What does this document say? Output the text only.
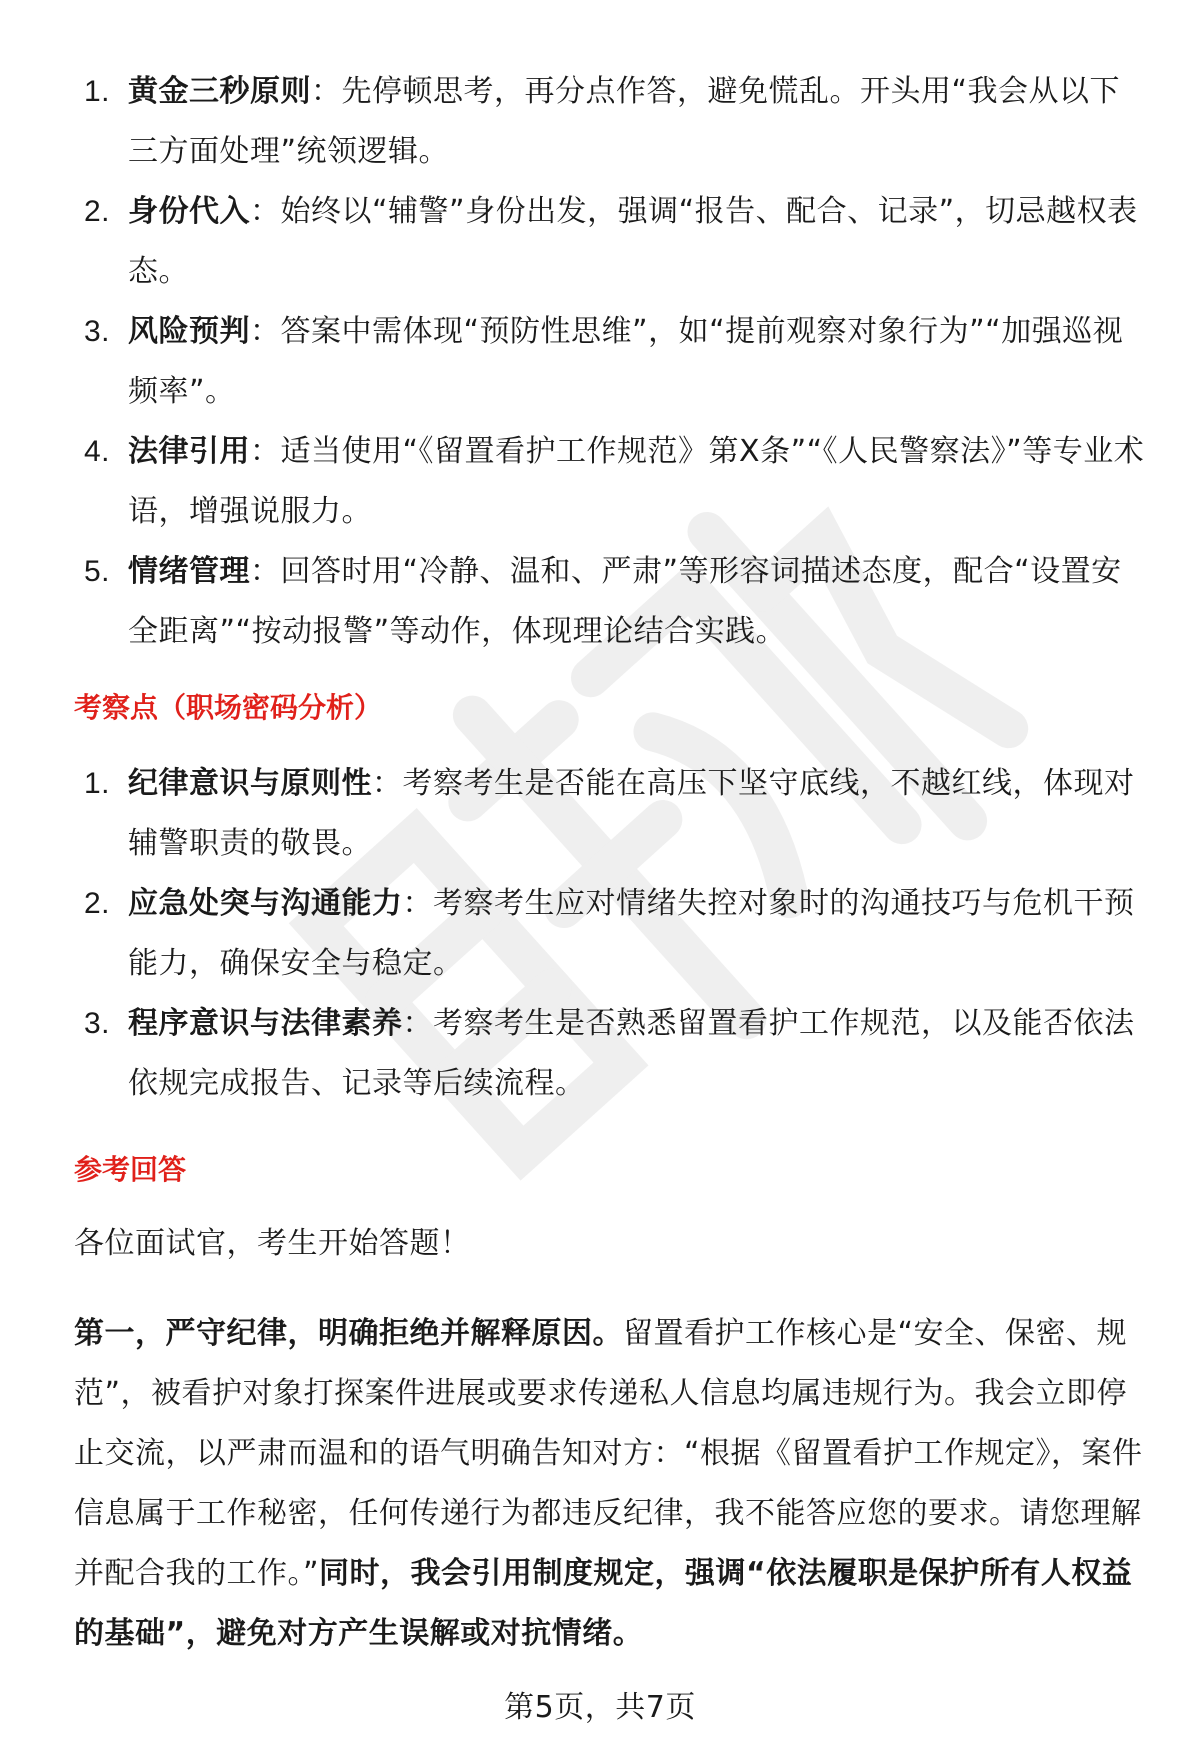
1. 黄金三秒原则：先停顿思考，再分点作答，避免慌乱。开头用“我会从以下三方面处理”统领逻辑。
2. 身份代入：始终以“辅警”身份出发，强调“报告、配合、记录”，切忌越权表态。
3. 风险预判：答案中需体现“预防性思维”，如“提前观察对象行为”“加强巡视频率”。
4. 法律引用：适当使用“《留置看护工作规范》第X条”“《人民警察法》”等专业术语，增强说服力。
5. 情绪管理：回答时用“冷静、温和、严肃”等形容词描述态度，配合“设置安全距离”“按动报警”等动作，体现理论结合实践。
考察点（职场密码分析）
1. 纪律意识与原则性：考察考生是否能在高压下坚守底线，不越红线，体现对辅警职责的敬畏。
2. 应急处突与沟通能力：考察考生应对情绪失控对象时的沟通技巧与危机干预能力，确保安全与稳定。
3. 程序意识与法律素养：考察考生是否熟悉留置看护工作规范，以及能否依法依规完成报告、记录等后续流程。
参考回答

各位面试官，考生开始答题！

第一，严守纪律，明确拒绝并解释原因。留置看护工作核心是“安全、保密、规范”，被看护对象打探案件进展或要求传递私人信息均属违规行为。我会立即停止交流，以严肃而温和的语气明确告知对方：“根据《留置看护工作规定》，案件信息属于工作秘密，任何传递行为都违反纪律，我不能答应您的要求。请您理解并配合我的工作。”同时，我会引用制度规定，强调“依法履职是保护所有人权益的基础”，避免对方产生误解或对抗情绪。

第5页，共7页
